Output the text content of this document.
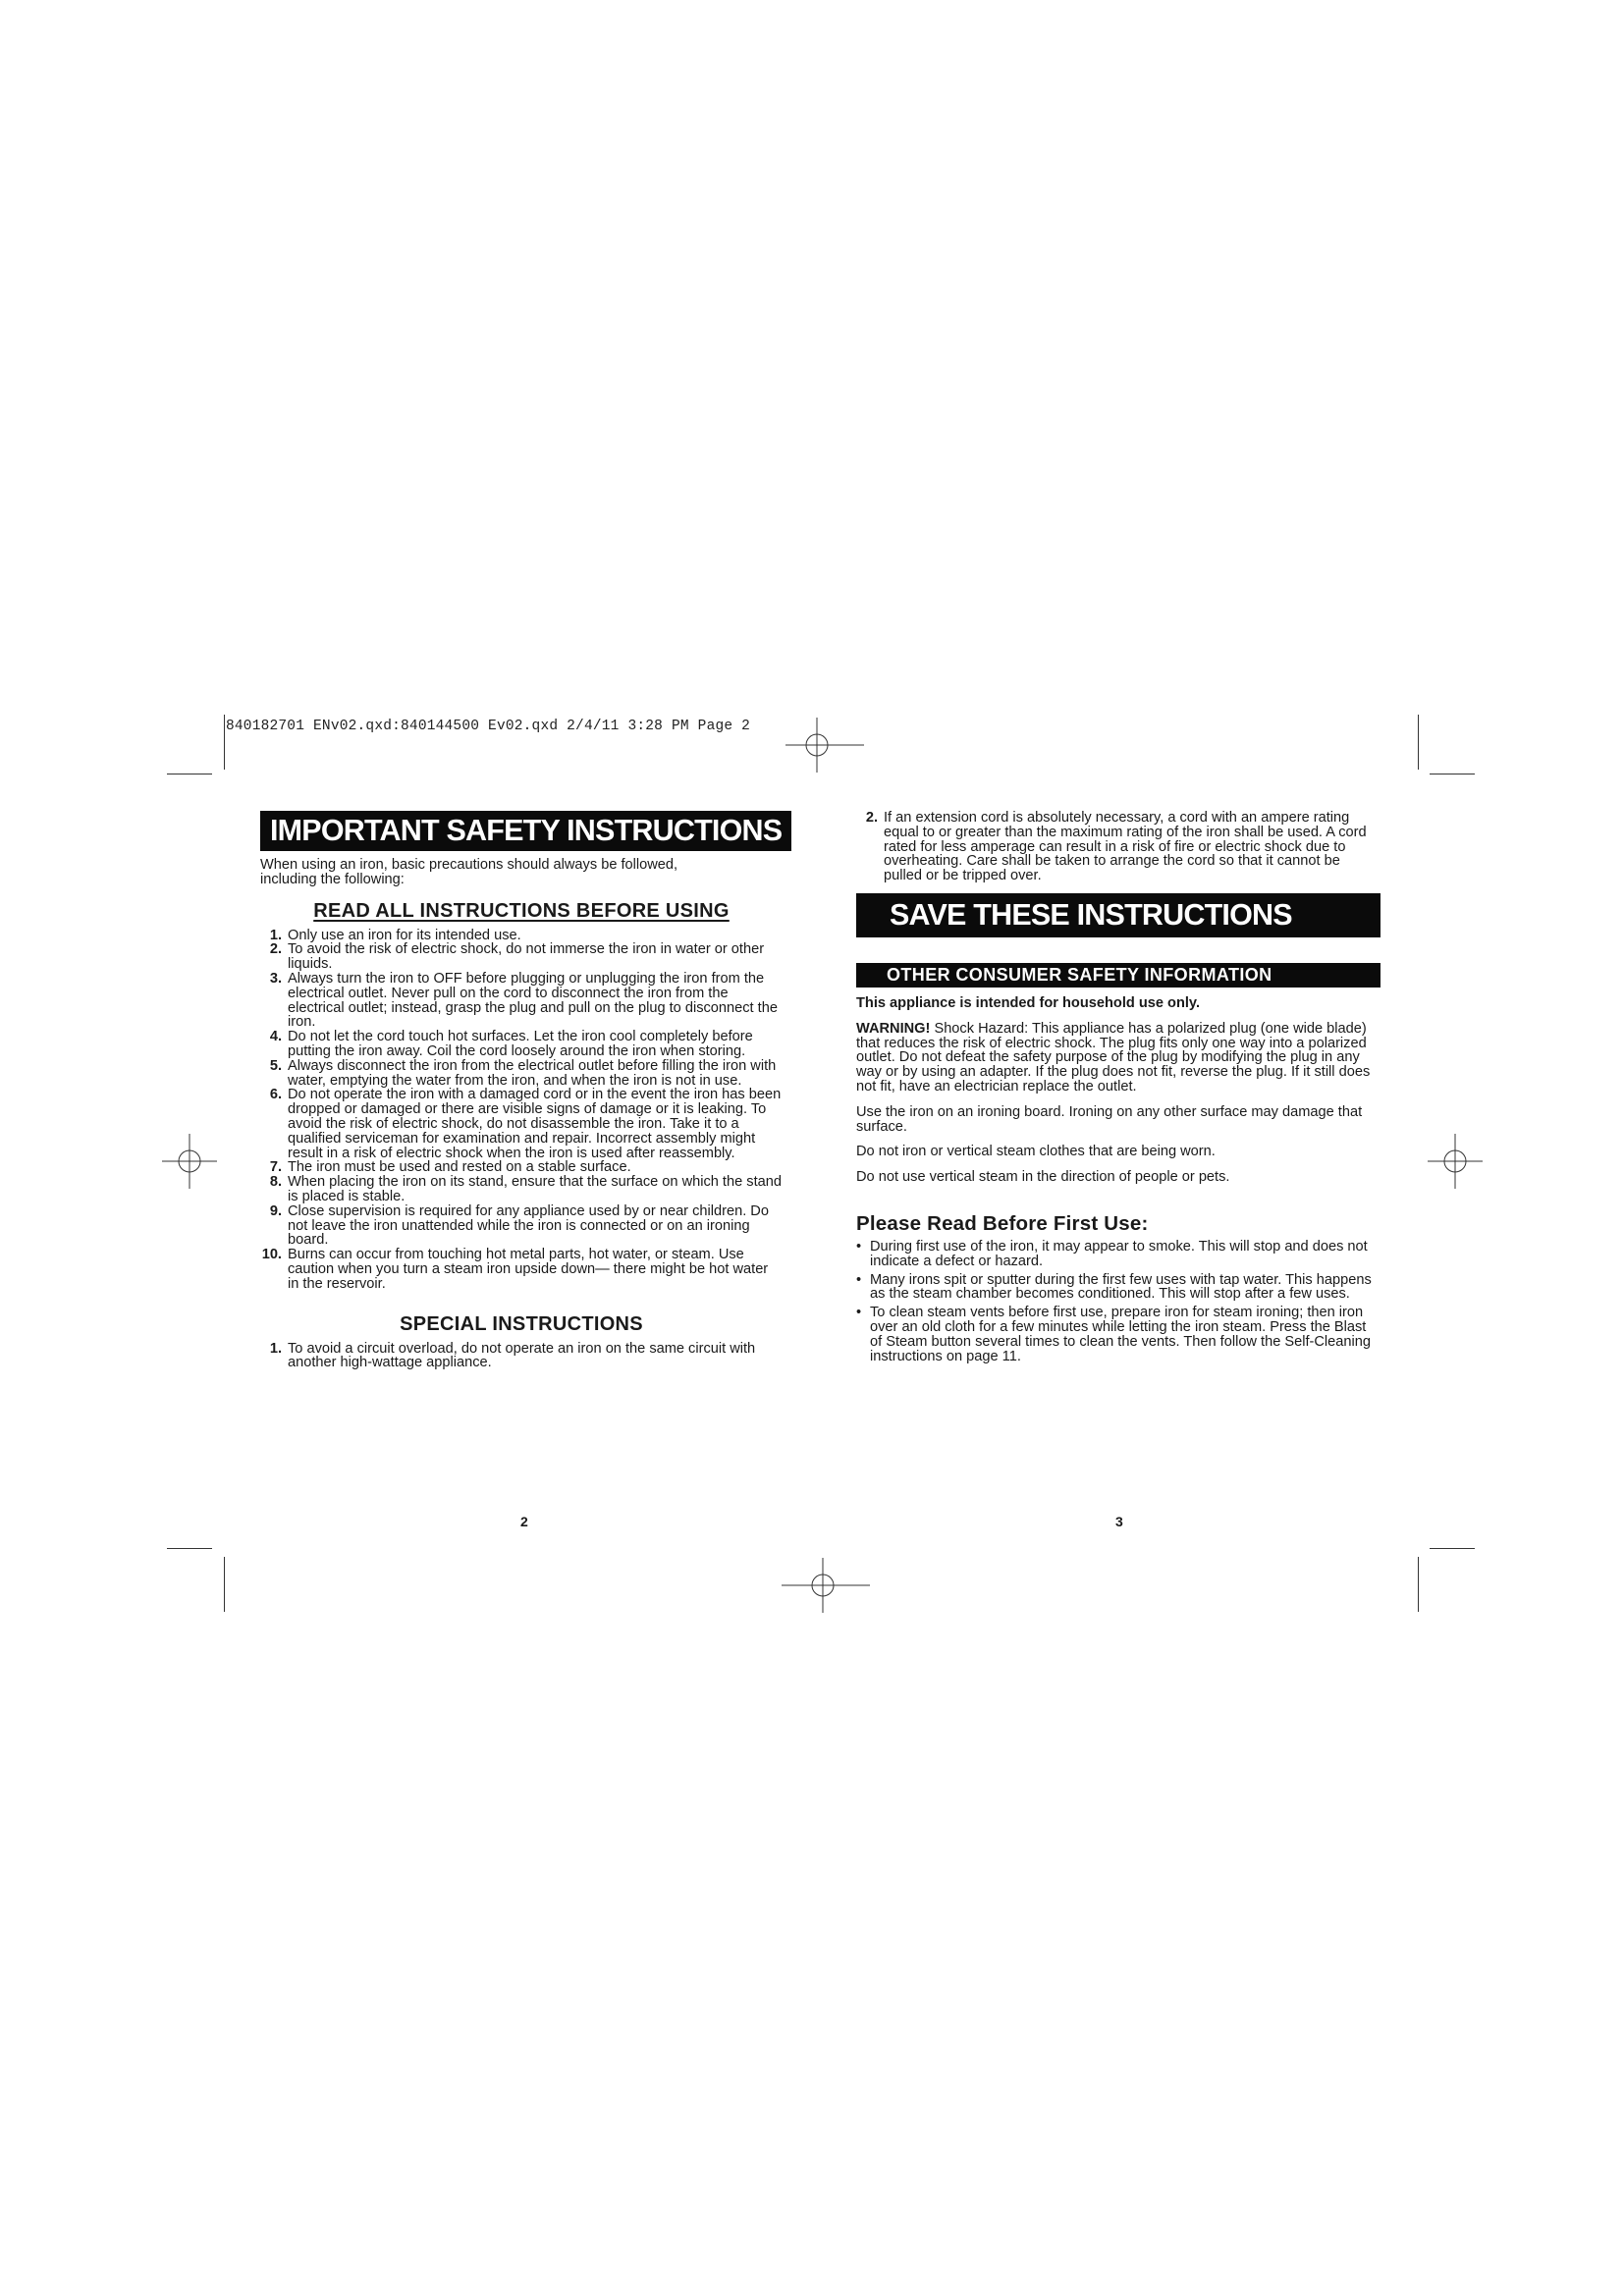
840182701 ENv02.qxd:840144500 Ev02.qxd 2/4/11 3:28 PM Page 2
IMPORTANT SAFETY INSTRUCTIONS

When using an iron, basic precautions should always be followed, including the following:

READ ALL INSTRUCTIONS BEFORE USING
1. Only use an iron for its intended use.
2. To avoid the risk of electric shock, do not immerse the iron in water or other liquids.
3. Always turn the iron to OFF before plugging or unplugging the iron from the electrical outlet. Never pull on the cord to disconnect the iron from the electrical outlet; instead, grasp the plug and pull on the plug to disconnect the iron.
4. Do not let the cord touch hot surfaces. Let the iron cool completely before putting the iron away. Coil the cord loosely around the iron when storing.
5. Always disconnect the iron from the electrical outlet before filling the iron with water, emptying the water from the iron, and when the iron is not in use.
6. Do not operate the iron with a damaged cord or in the event the iron has been dropped or damaged or there are visible signs of damage or it is leaking. To avoid the risk of electric shock, do not disassemble the iron. Take it to a qualified serviceman for examination and repair. Incorrect assembly might result in a risk of electric shock when the iron is used after reassembly.
7. The iron must be used and rested on a stable surface.
8. When placing the iron on its stand, ensure that the surface on which the stand is placed is stable.
9. Close supervision is required for any appliance used by or near children. Do not leave the iron unattended while the iron is connected or on an ironing board.
10. Burns can occur from touching hot metal parts, hot water, or steam. Use caution when you turn a steam iron upside down— there might be hot water in the reservoir.
SPECIAL INSTRUCTIONS
1. To avoid a circuit overload, do not operate an iron on the same circuit with another high-wattage appliance.
2
2. If an extension cord is absolutely necessary, a cord with an ampere rating equal to or greater than the maximum rating of the iron shall be used. A cord rated for less amperage can result in a risk of fire or electric shock due to overheating. Care shall be taken to arrange the cord so that it cannot be pulled or be tripped over.
SAVE THESE INSTRUCTIONS
OTHER CONSUMER SAFETY INFORMATION

This appliance is intended for household use only.

WARNING! Shock Hazard: This appliance has a polarized plug (one wide blade) that reduces the risk of electric shock. The plug fits only one way into a polarized outlet. Do not defeat the safety purpose of the plug by modifying the plug in any way or by using an adapter. If the plug does not fit, reverse the plug. If it still does not fit, have an electrician replace the outlet.

Use the iron on an ironing board. Ironing on any other surface may damage that surface.

Do not iron or vertical steam clothes that are being worn.

Do not use vertical steam in the direction of people or pets.

Please Read Before First Use:
• During first use of the iron, it may appear to smoke. This will stop and does not indicate a defect or hazard.
• Many irons spit or sputter during the first few uses with tap water. This happens as the steam chamber becomes conditioned. This will stop after a few uses.
• To clean steam vents before first use, prepare iron for steam ironing; then iron over an old cloth for a few minutes while letting the iron steam. Press the Blast of Steam button several times to clean the vents. Then follow the Self-Cleaning instructions on page 11.
3
